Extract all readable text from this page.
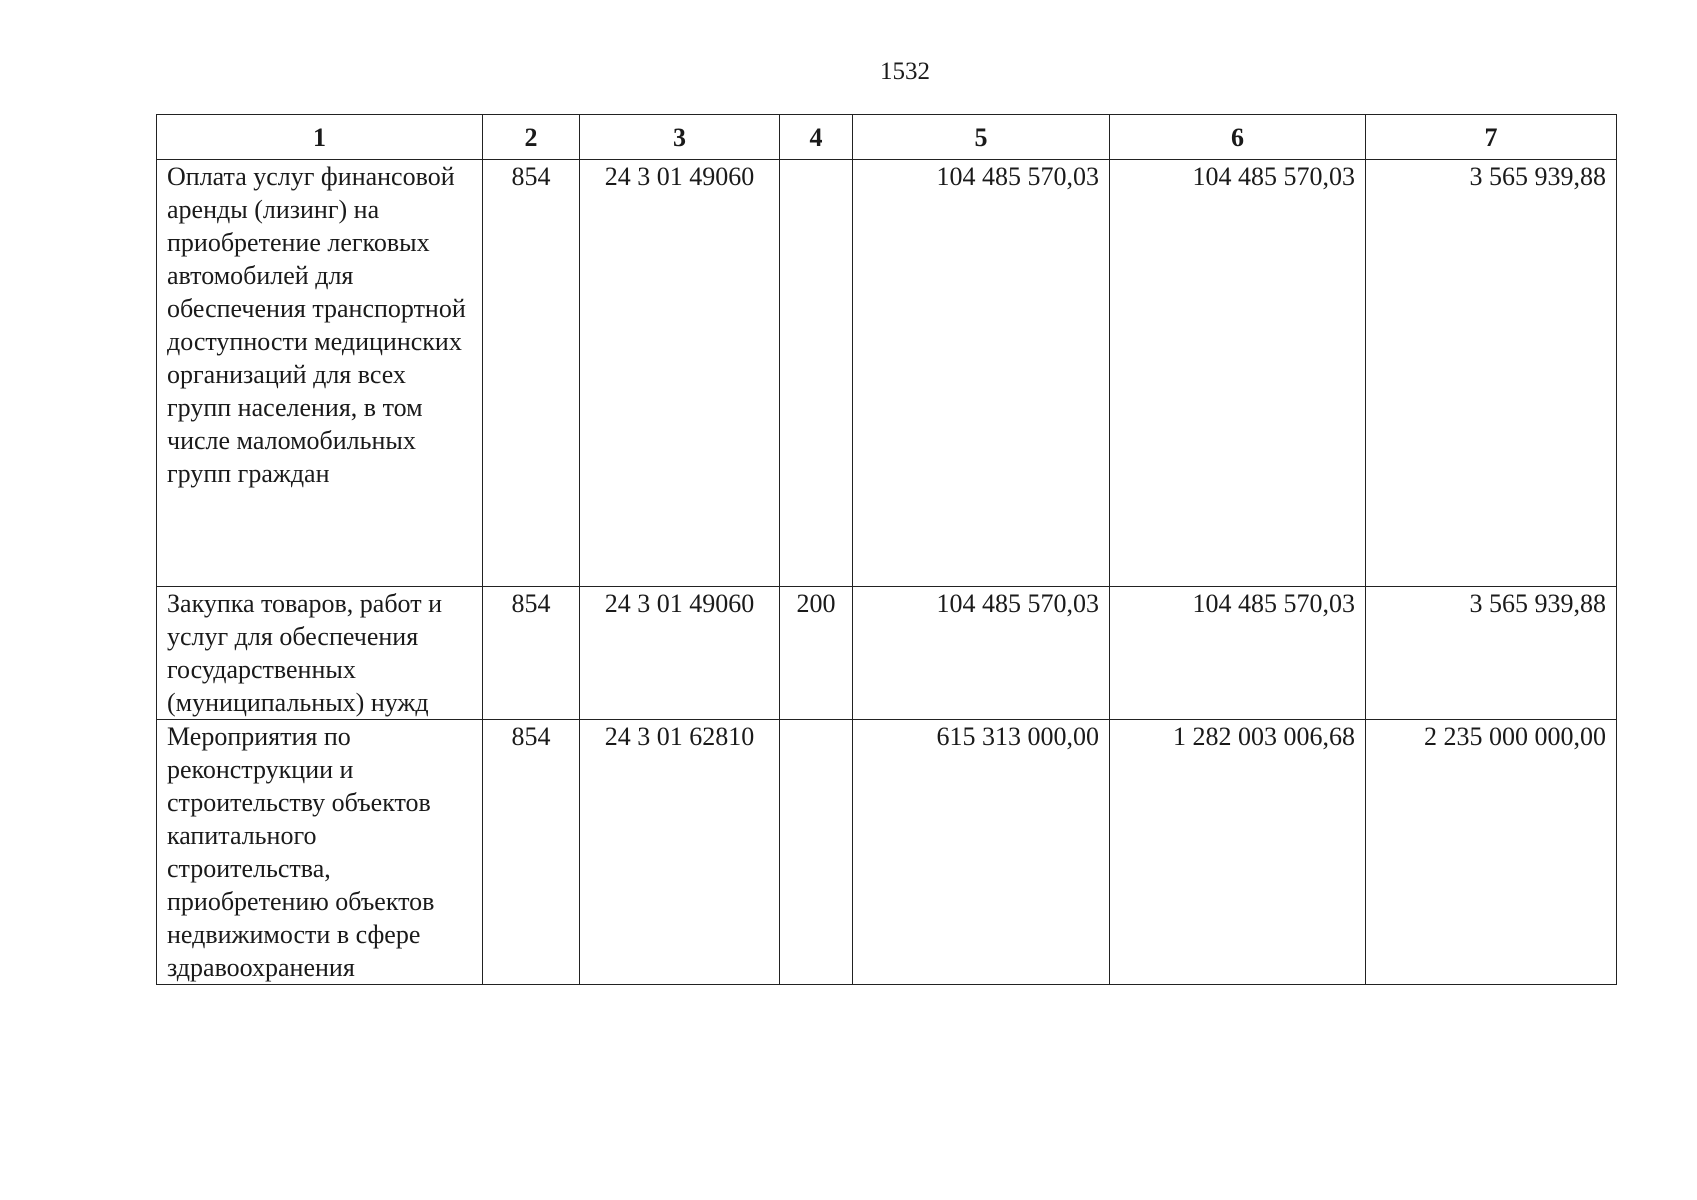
1532
1	2	3	4	5	6	7
Оплата услуг финансовой аренды (лизинг) на приобретение легковых автомобилей для обеспечения транспортной доступности медицинских организаций для всех групп населения, в том числе маломобильных групп граждан	854	24 3 01 49060		104 485 570,03	104 485 570,03	3 565 939,88
Закупка товаров, работ и услуг для обеспечения государственных (муниципальных) нужд	854	24 3 01 49060	200	104 485 570,03	104 485 570,03	3 565 939,88
Мероприятия по реконструкции и строительству объектов капитального строительства, приобретению объектов недвижимости в сфере здравоохранения	854	24 3 01 62810		615 313 000,00	1 282 003 006,68	2 235 000 000,00
